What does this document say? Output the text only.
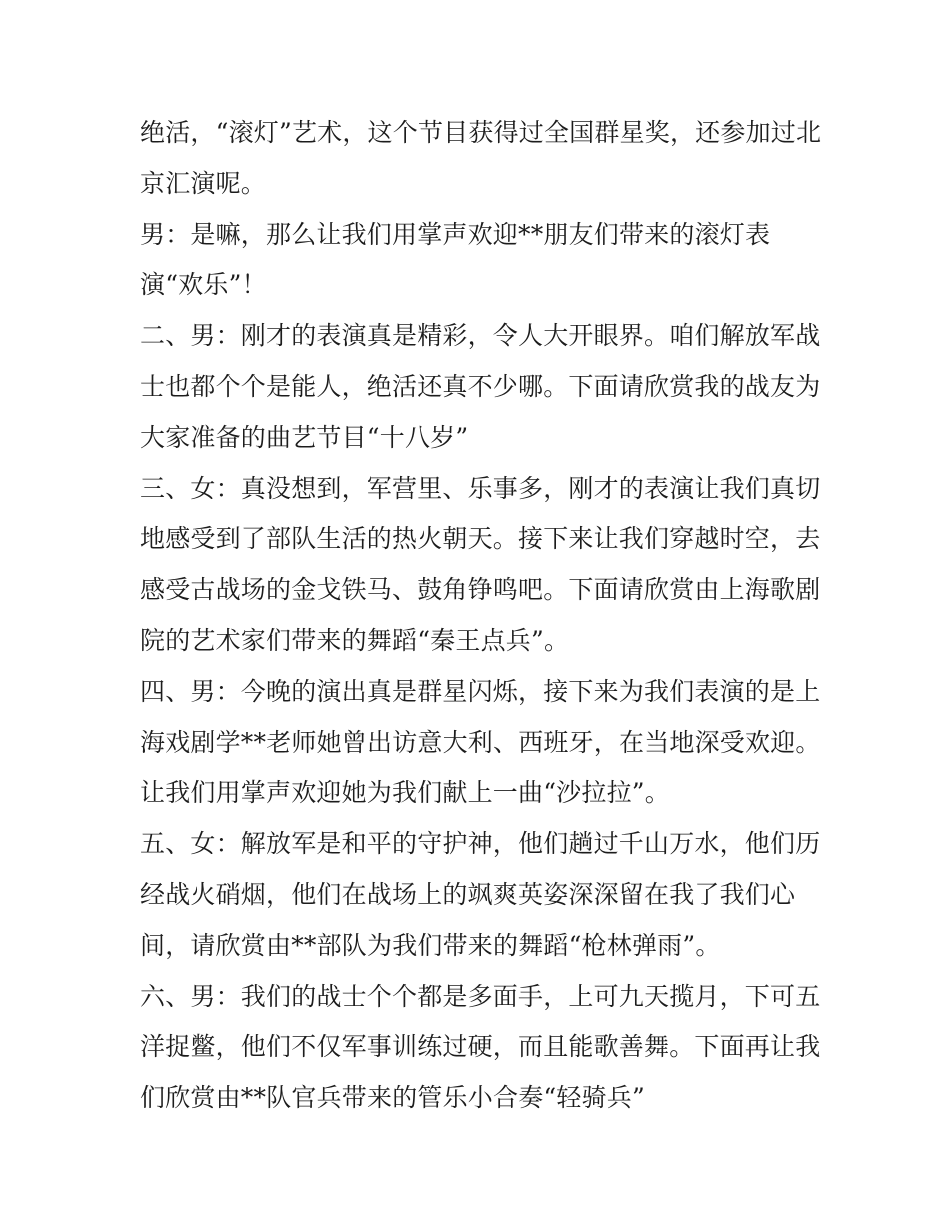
绝活，“滚灯”艺术，这个节目获得过全国群星奖，还参加过北
京汇演呢。
男：是嘛，那么让我们用掌声欢迎**朋友们带来的滚灯表
演“欢乐”！
二、男：刚才的表演真是精彩，令人大开眼界。咱们解放军战
士也都个个是能人，绝活还真不少哪。下面请欣赏我的战友为
大家准备的曲艺节目“十八岁”
三、女：真没想到，军营里、乐事多，刚才的表演让我们真切
地感受到了部队生活的热火朝天。接下来让我们穿越时空，去
感受古战场的金戈铁马、鼓角铮鸣吧。下面请欣赏由上海歌剧
院的艺术家们带来的舞蹈“秦王点兵”。
四、男：今晚的演出真是群星闪烁，接下来为我们表演的是上
海戏剧学**老师她曾出访意大利、西班牙，在当地深受欢迎。
让我们用掌声欢迎她为我们献上一曲“沙拉拉”。
五、女：解放军是和平的守护神，他们趟过千山万水，他们历
经战火硝烟，他们在战场上的飒爽英姿深深留在我了我们心
间，请欣赏由**部队为我们带来的舞蹈“枪林弹雨”。
六、男：我们的战士个个都是多面手，上可九天揽月，下可五
洋捉鳖，他们不仅军事训练过硬，而且能歌善舞。下面再让我
们欣赏由**队官兵带来的管乐小合奏“轻骑兵”
